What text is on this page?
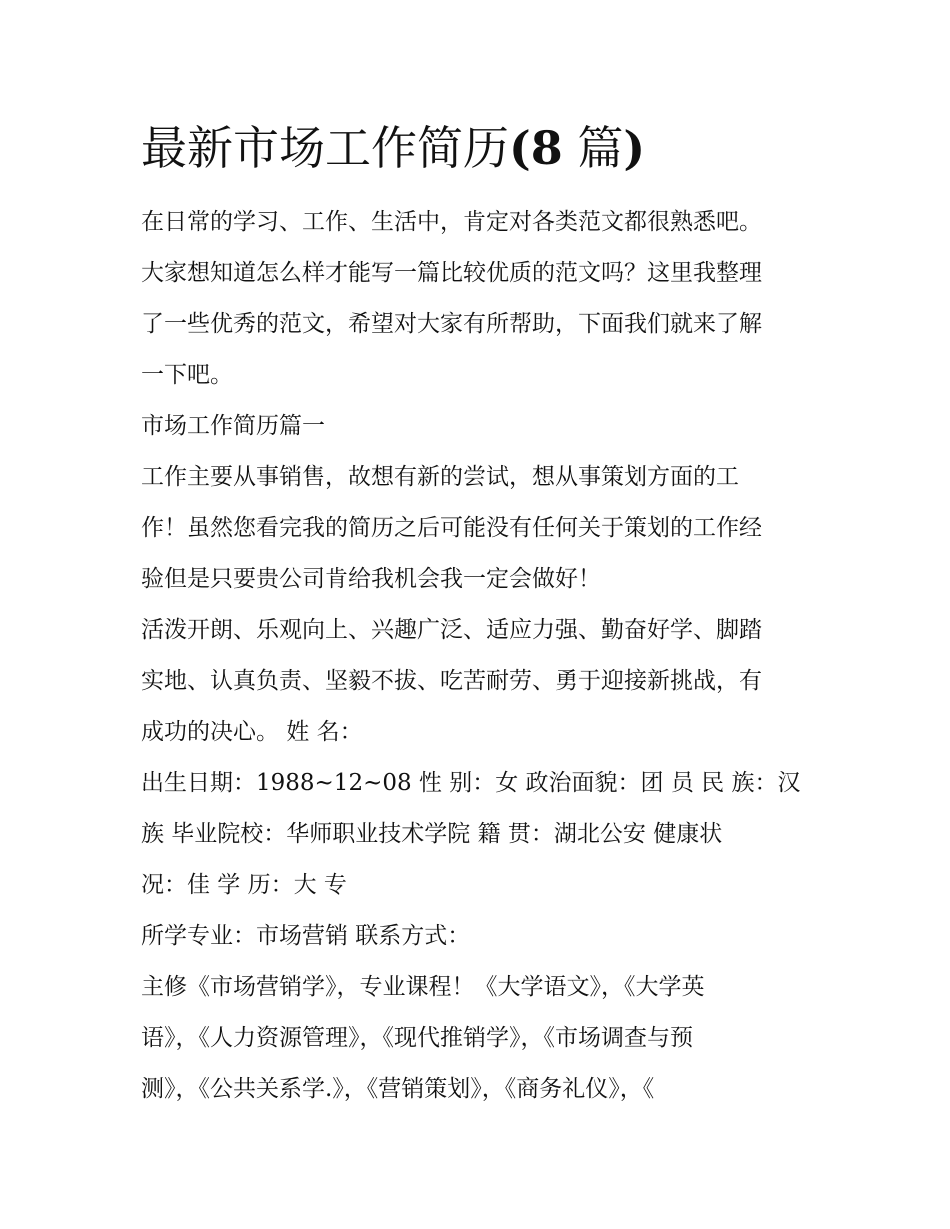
最新市场工作简历(8 篇)
在日常的学习、工作、生活中，肯定对各类范文都很熟悉吧。
大家想知道怎么样才能写一篇比较优质的范文吗？这里我整理
了一些优秀的范文，希望对大家有所帮助，下面我们就来了解
一下吧。
市场工作简历篇一
工作主要从事销售，故想有新的尝试，想从事策划方面的工
作！虽然您看完我的简历之后可能没有任何关于策划的工作经
验但是只要贵公司肯给我机会我一定会做好！
活泼开朗、乐观向上、兴趣广泛、适应力强、勤奋好学、脚踏
实地、认真负责、坚毅不拔、吃苦耐劳、勇于迎接新挑战，有
成功的决心。 姓 名：
出生日期：1988~12~08 性 别：女 政治面貌：团 员 民 族：汉
族 毕业院校：华师职业技术学院 籍 贯：湖北公安 健康状
况：佳 学 历：大 专
所学专业：市场营销 联系方式：
主修《市场营销学》，专业课程！《大学语文》，《大学英
语》，《人力资源管理》，《现代推销学》，《市场调查与预
测》，《公共关系学.》，《营销策划》，《商务礼仪》，《
